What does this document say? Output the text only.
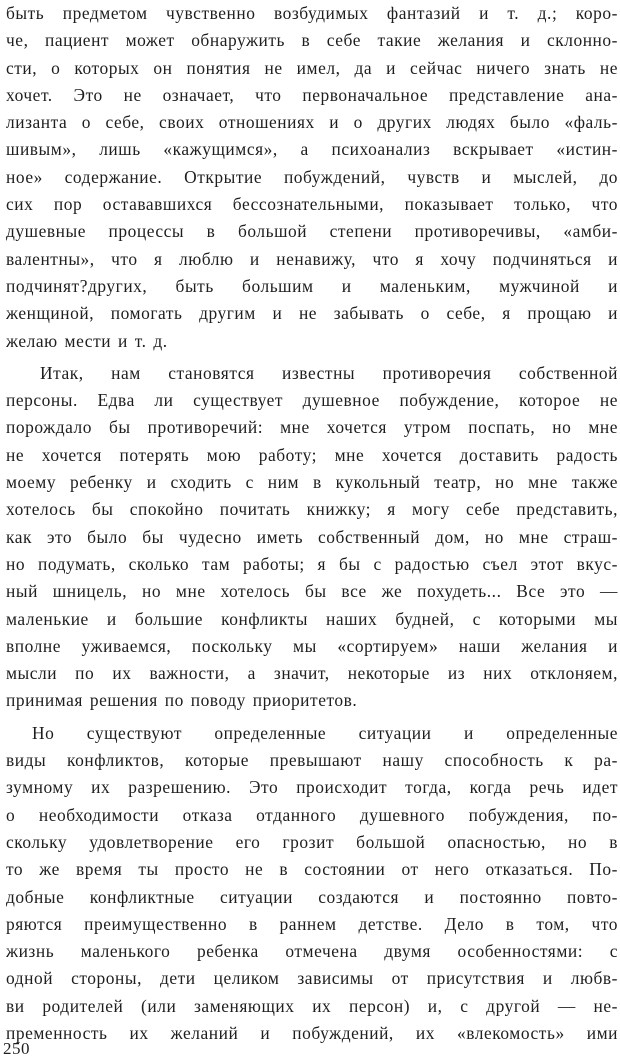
быть предметом чувственно возбудимых фантазий и т. д.; коро-
че, пациент может обнаружить в себе такие желания и склонно-
сти, о которых он понятия не имел, да и сейчас ничего знать не
хочет. Это не означает, что первоначальное представление ана-
лизанта о себе, своих отношениях и о других людях было «фаль-
шивым», лишь «кажущимся», а психоанализ вскрывает «истин-
ное» содержание. Открытие побуждений, чувств и мыслей, до
сих пор остававшихся бессознательными, показывает только, что
душевные процессы в большой степени противоречивы, «амби-
валентны», что я люблю и ненавижу, что я хочу подчиняться и
подчинят?других, быть большим и маленьким, мужчиной и
женщиной, помогать другим и не забывать о себе, я прощаю и
желаю мести и т. д.
Итак, нам становятся известны противоречия собственной
персоны. Едва ли существует душевное побуждение, которое не
порождало бы противоречий: мне хочется утром поспать, но мне
не хочется потерять мою работу; мне хочется доставить радость
моему ребенку и сходить с ним в кукольный театр, но мне также
хотелось бы спокойно почитать книжку; я могу себе представить,
как это было бы чудесно иметь собственный дом, но мне страш-
но подумать, сколько там работы; я бы с радостью съел этот вкус-
ный шницель, но мне хотелось бы все же похудеть... Все это —
маленькие и большие конфликты наших будней, с которыми мы
вполне уживаемся, поскольку мы «сортируем» наши желания и
мысли по их важности, а значит, некоторые из них отклоняем,
принимая решения по поводу приоритетов.
Но существуют определенные ситуации и определенные
виды конфликтов, которые превышают нашу способность к ра-
зумному их разрешению. Это происходит тогда, когда речь идет
о необходимости отказа отданного душевного побуждения, по-
скольку удовлетворение его грозит большой опасностью, но в
то же время ты просто не в состоянии от него отказаться. По-
добные конфликтные ситуации создаются и постоянно повто-
ряются преимущественно в раннем детстве. Дело в том, что
жизнь маленького ребенка отмечена двумя особенностями: с
одной стороны, дети целиком зависимы от присутствия и любв-
ви родителей (или заменяющих их персон) и, с другой — не-
пременность их желаний и побуждений, их «влекомость» ими
250
